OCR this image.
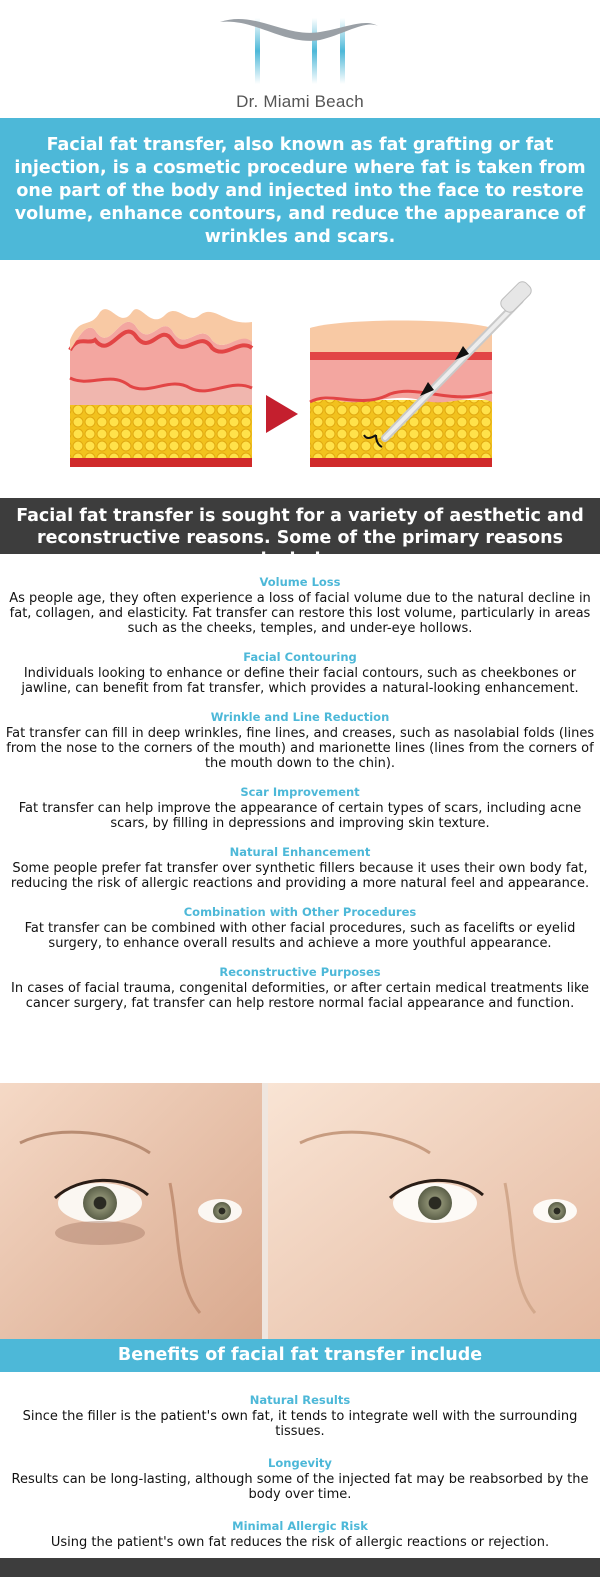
Dr. Miami Beach

Facial fat transfer, also known as fat grafting or fat injection, is a cosmetic procedure where fat is taken from one part of the body and injected into the face to restore volume, enhance contours, and reduce the appearance of wrinkles and scars.

Facial fat transfer is sought for a variety of aesthetic and reconstructive reasons. Some of the primary reasons include:

Volume Loss

As people age, they often experience a loss of facial volume due to the natural decline in fat, collagen, and elasticity. Fat transfer can restore this lost volume, particularly in areas such as the cheeks, temples, and under-eye hollows.

Facial Contouring

Individuals looking to enhance or define their facial contours, such as cheekbones or jawline, can benefit from fat transfer, which provides a natural-looking enhancement.

Wrinkle and Line Reduction

Fat transfer can fill in deep wrinkles, fine lines, and creases, such as nasolabial folds (lines from the nose to the corners of the mouth) and marionette lines (lines from the corners of the mouth down to the chin).

Scar Improvement

Fat transfer can help improve the appearance of certain types of scars, including acne scars, by filling in depressions and improving skin texture.

Natural Enhancement

Some people prefer fat transfer over synthetic fillers because it uses their own body fat, reducing the risk of allergic reactions and providing a more natural feel and appearance.

Combination with Other Procedures

Fat transfer can be combined with other facial procedures, such as facelifts or eyelid surgery, to enhance overall results and achieve a more youthful appearance.

Reconstructive Purposes

In cases of facial trauma, congenital deformities, or after certain medical treatments like cancer surgery, fat transfer can help restore normal facial appearance and function.

Benefits of facial fat transfer include
Natural Results

Since the filler is the patient's own fat, it tends to integrate well with the surrounding tissues.

Longevity

Results can be long-lasting, although some of the injected fat may be reabsorbed by the body over time.

Minimal Allergic Risk

Using the patient's own fat reduces the risk of allergic reactions or rejection.
